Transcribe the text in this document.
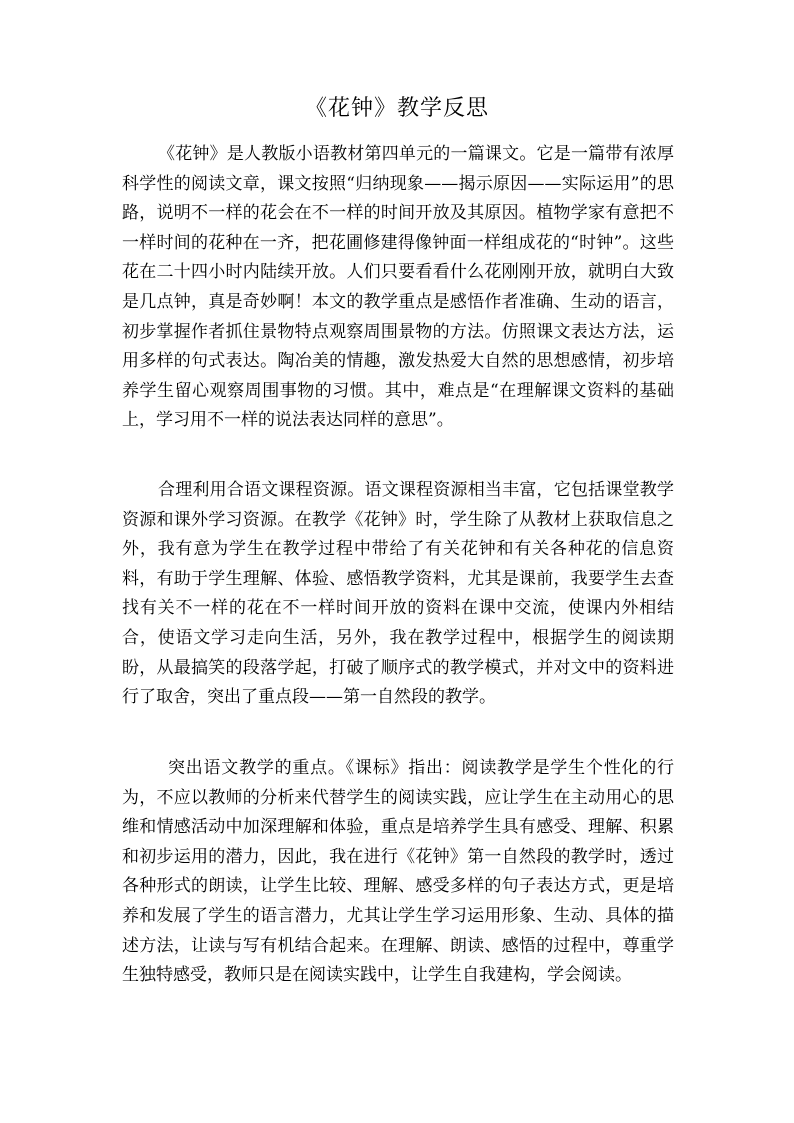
《花钟》教学反思

《花钟》是人教版小语教材第四单元的一篇课文。它是一篇带有浓厚科学性的阅读文章，课文按照“归纳现象——揭示原因——实际运用”的思路，说明不一样的花会在不一样的时间开放及其原因。植物学家有意把不一样时间的花种在一齐，把花圃修建得像钟面一样组成花的“时钟”。这些花在二十四小时内陆续开放。人们只要看看什么花刚刚开放，就明白大致是几点钟，真是奇妙啊！本文的教学重点是感悟作者准确、生动的语言，初步掌握作者抓住景物特点观察周围景物的方法。仿照课文表达方法，运用多样的句式表达。陶冶美的情趣，激发热爱大自然的思想感情，初步培养学生留心观察周围事物的习惯。其中，难点是“在理解课文资料的基础上，学习用不一样的说法表达同样的意思”。

合理利用合语文课程资源。语文课程资源相当丰富，它包括课堂教学资源和课外学习资源。在教学《花钟》时，学生除了从教材上获取信息之外，我有意为学生在教学过程中带给了有关花钟和有关各种花的信息资料，有助于学生理解、体验、感悟教学资料，尤其是课前，我要学生去查找有关不一样的花在不一样时间开放的资料在课中交流，使课内外相结合，使语文学习走向生活，另外，我在教学过程中，根据学生的阅读期盼，从最搞笑的段落学起，打破了顺序式的教学模式，并对文中的资料进行了取舍，突出了重点段——第一自然段的教学。

突出语文教学的重点。《课标》指出：阅读教学是学生个性化的行为，不应以教师的分析来代替学生的阅读实践，应让学生在主动用心的思维和情感活动中加深理解和体验，重点是培养学生具有感受、理解、积累和初步运用的潜力，因此，我在进行《花钟》第一自然段的教学时，透过各种形式的朗读，让学生比较、理解、感受多样的句子表达方式，更是培养和发展了学生的语言潜力，尤其让学生学习运用形象、生动、具体的描述方法，让读与写有机结合起来。在理解、朗读、感悟的过程中，尊重学生独特感受，教师只是在阅读实践中，让学生自我建构，学会阅读。
